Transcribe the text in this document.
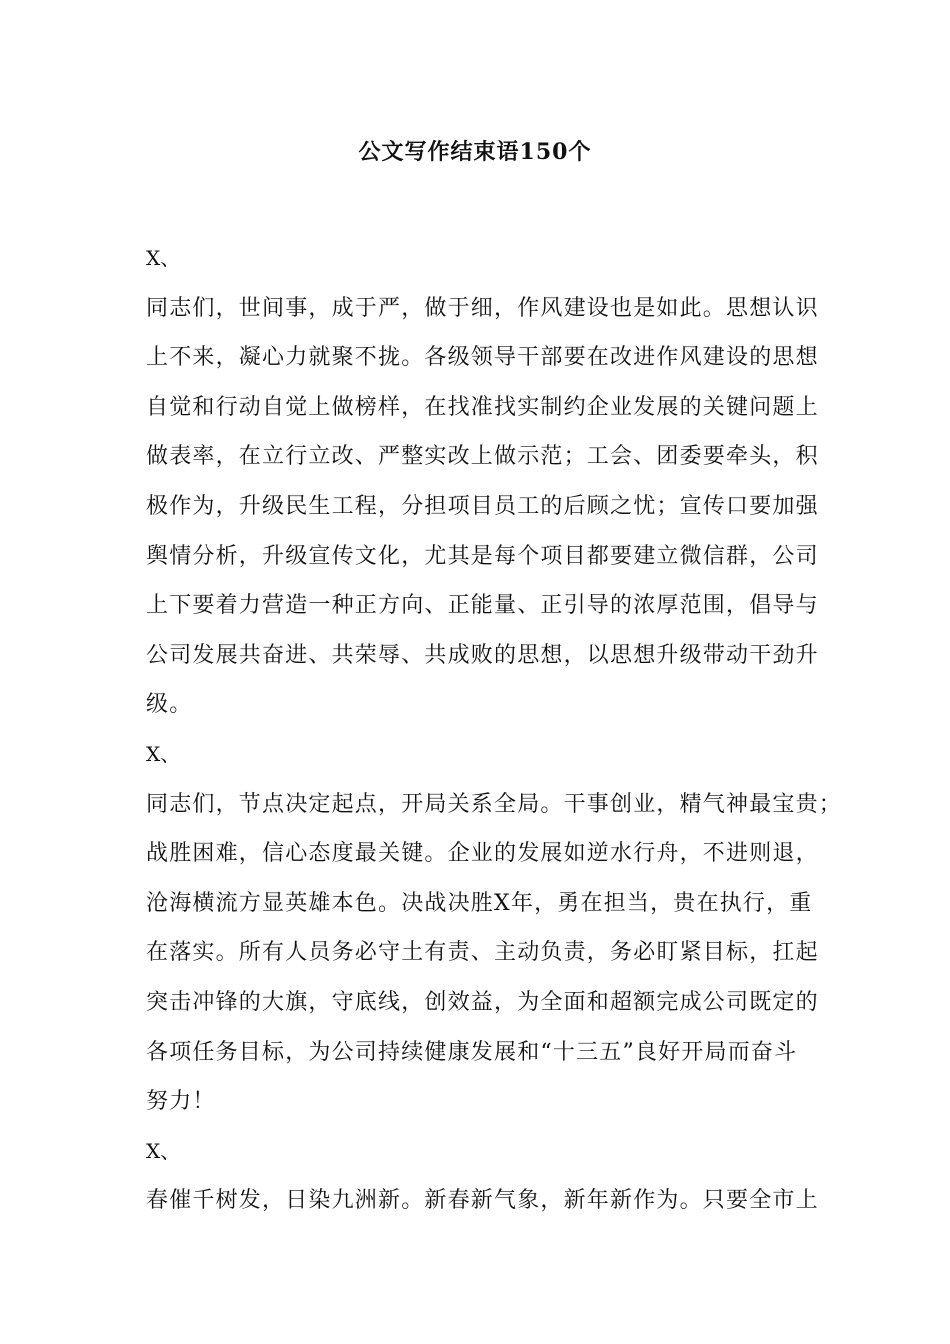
公文写作结束语150个
X、
同志们，世间事，成于严，做于细，作风建设也是如此。思想认识
上不来，凝心力就聚不拢。各级领导干部要在改进作风建设的思想
自觉和行动自觉上做榜样，在找准找实制约企业发展的关键问题上
做表率，在立行立改、严整实改上做示范；工会、团委要牵头，积
极作为，升级民生工程，分担项目员工的后顾之忧；宣传口要加强
舆情分析，升级宣传文化，尤其是每个项目都要建立微信群，公司
上下要着力营造一种正方向、正能量、正引导的浓厚范围，倡导与
公司发展共奋进、共荣辱、共成败的思想，以思想升级带动干劲升
级。
X、
同志们，节点决定起点，开局关系全局。干事创业，精气神最宝贵；
战胜困难，信心态度最关键。企业的发展如逆水行舟，不进则退，
沧海横流方显英雄本色。决战决胜X年，勇在担当，贵在执行，重
在落实。所有人员务必守土有责、主动负责，务必盯紧目标，扛起
突击冲锋的大旗，守底线，创效益，为全面和超额完成公司既定的
各项任务目标，为公司持续健康发展和“十三五”良好开局而奋斗
努力！
X、
春催千树发，日染九洲新。新春新气象，新年新作为。只要全市上
